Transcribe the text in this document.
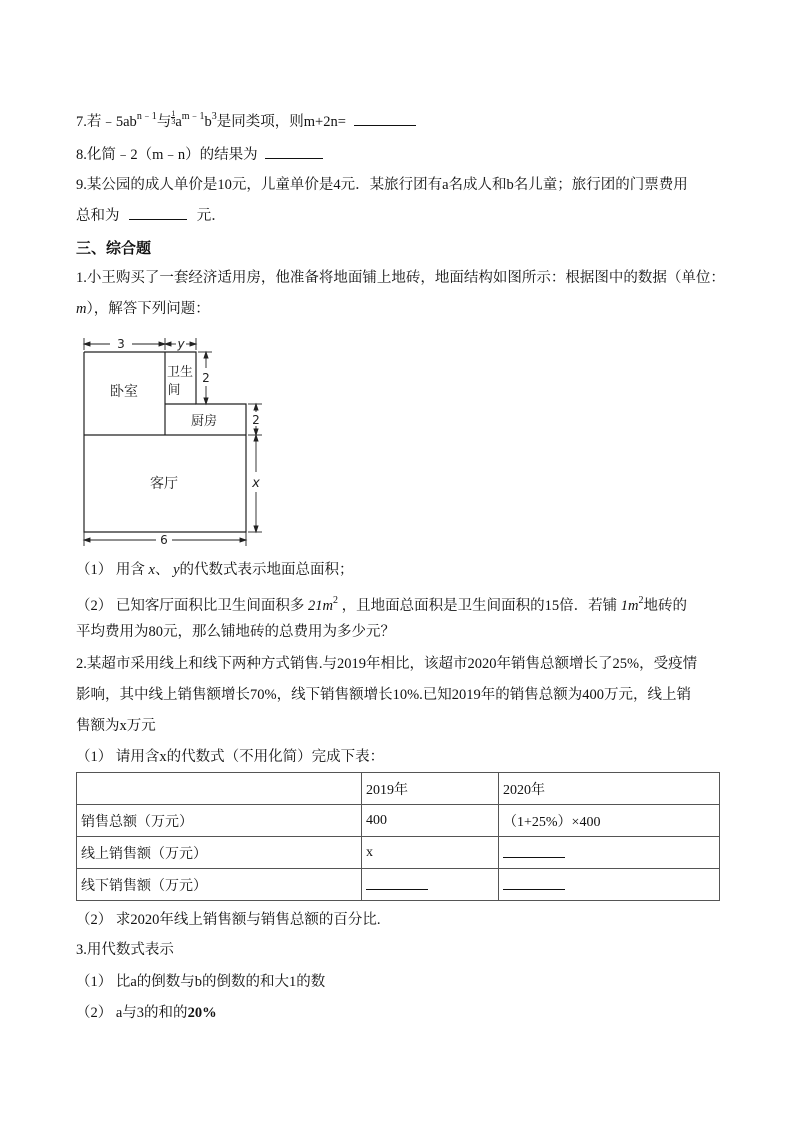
7.若$﹣5ab^{n﹣1}$与 $\frac{1}{3} a^{m﹣1}b^3$是同类项，则m+2n=
8.化简﹣2（m﹣n）的结果为
9.某公园的成人单价是10元，儿童单价是4元．某旅行团有a名成人和b名儿童；旅行团的门票费用
总和为	元．
三、综合题
1.小王购买了一套经济适用房，他准备将地面铺上地砖，地面结构如图所示：根据图中的数据（单位：
m），解答下列问题：
3	y
2
2
x
6
卧室
卫生
间
厨房
客厅
（1） 用含 x、 y的代数式表示地面总面积；
（2） 已知客厅面积比卫生间面积多 $21m^2$ ，且地面总面积是卫生间面积的15倍．若铺 $1m^2$地砖的
平均费用为80元，那么铺地砖的总费用为多少元？
2.某超市采用线上和线下两种方式销售.与2019年相比，该超市2020年销售总额增长了25%，受疫情
影响，其中线上销售额增长70%，线下销售额增长10%.已知2019年的销售总额为400万元，线上销
售额为x万元
（1） 请用含x的代数式（不用化简）完成下表：
	2019年	2020年
销售总额（万元）	400	（1+25%）×400
线上销售额（万元）	x	
线下销售额（万元）		
（2） 求2020年线上销售额与销售总额的百分比.
3.用代数式表示
（1） 比a的倒数与b的倒数的和大1的数
（2） a与3的和的20%
